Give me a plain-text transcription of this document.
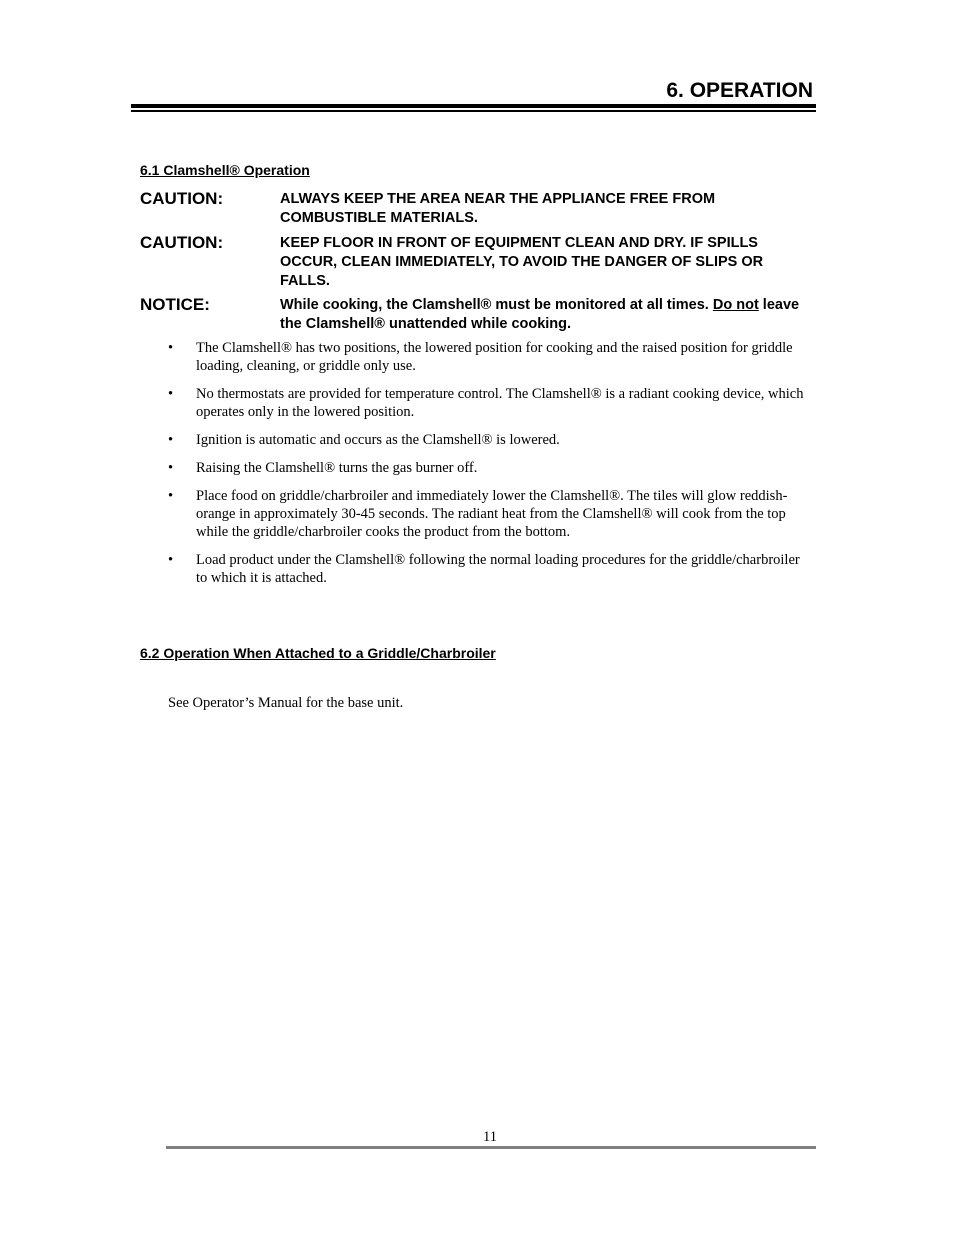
6. OPERATION
6.1 Clamshell® Operation
CAUTION:	ALWAYS KEEP THE AREA NEAR THE APPLIANCE FREE FROM COMBUSTIBLE MATERIALS.
CAUTION:	KEEP FLOOR IN FRONT OF EQUIPMENT CLEAN AND DRY. IF SPILLS OCCUR, CLEAN IMMEDIATELY, TO AVOID THE DANGER OF SLIPS OR FALLS.
NOTICE:	While cooking, the Clamshell® must be monitored at all times. Do not leave the Clamshell® unattended while cooking.
• The Clamshell® has two positions, the lowered position for cooking and the raised position for griddle loading, cleaning, or griddle only use.
• No thermostats are provided for temperature control. The Clamshell® is a radiant cooking device, which operates only in the lowered position.
• Ignition is automatic and occurs as the Clamshell® is lowered.
• Raising the Clamshell® turns the gas burner off.
• Place food on griddle/charbroiler and immediately lower the Clamshell®. The tiles will glow reddish-orange in approximately 30-45 seconds. The radiant heat from the Clamshell® will cook from the top while the griddle/charbroiler cooks the product from the bottom.
• Load product under the Clamshell® following the normal loading procedures for the griddle/charbroiler to which it is attached.
6.2 Operation When Attached to a Griddle/Charbroiler
See Operator’s Manual for the base unit.
11
